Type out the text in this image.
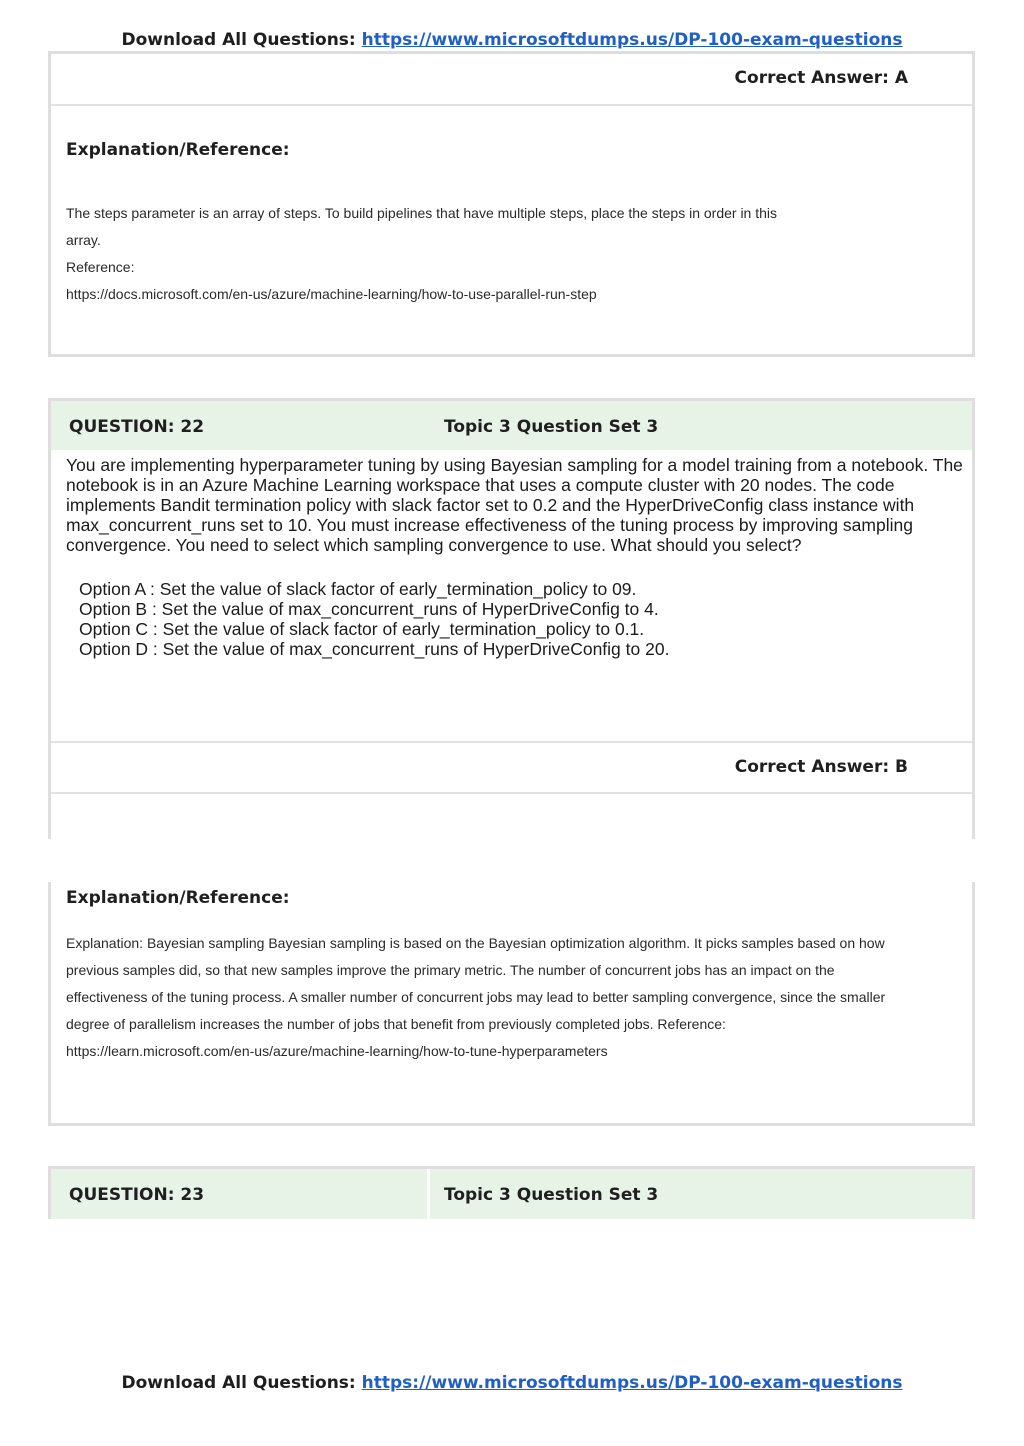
Download All Questions: https://www.microsoftdumps.us/DP-100-exam-questions
Correct Answer: A
Explanation/Reference:
The steps parameter is an array of steps. To build pipelines that have multiple steps, place the steps in order in this
array.
Reference:
https://docs.microsoft.com/en-us/azure/machine-learning/how-to-use-parallel-run-step
QUESTION: 22	Topic 3 Question Set 3
You are implementing hyperparameter tuning by using Bayesian sampling for a model training from a notebook. The
notebook is in an Azure Machine Learning workspace that uses a compute cluster with 20 nodes. The code
implements Bandit termination policy with slack factor set to 0.2 and the HyperDriveConfig class instance with
max_concurrent_runs set to 10. You must increase effectiveness of the tuning process by improving sampling
convergence. You need to select which sampling convergence to use. What should you select?
Option A : Set the value of slack factor of early_termination_policy to 09.
Option B : Set the value of max_concurrent_runs of HyperDriveConfig to 4.
Option C : Set the value of slack factor of early_termination_policy to 0.1.
Option D : Set the value of max_concurrent_runs of HyperDriveConfig to 20.
Correct Answer: B
Explanation/Reference:
Explanation: Bayesian sampling Bayesian sampling is based on the Bayesian optimization algorithm. It picks samples based on how
previous samples did, so that new samples improve the primary metric. The number of concurrent jobs has an impact on the
effectiveness of the tuning process. A smaller number of concurrent jobs may lead to better sampling convergence, since the smaller
degree of parallelism increases the number of jobs that benefit from previously completed jobs. Reference:
https://learn.microsoft.com/en-us/azure/machine-learning/how-to-tune-hyperparameters
QUESTION: 23	Topic 3 Question Set 3
Download All Questions: https://www.microsoftdumps.us/DP-100-exam-questions
